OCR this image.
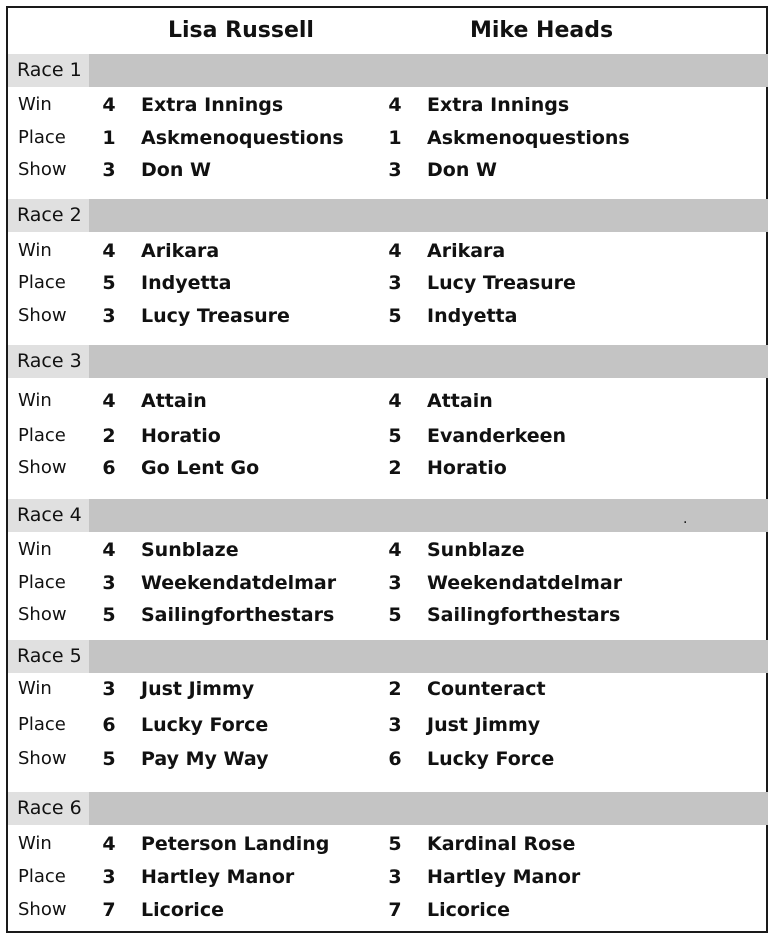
Lisa Russell	Mike Heads
Race 1
Win	4 Extra Innings	4 Extra Innings
Place 1 Askmenoquestions 1 Askmenoquestions
Show 3 Don W	3 Don W
Race 2
Win	4 Arikara	4 Arikara
Place 5 Indyetta	3 Lucy Treasure
Show 3 Lucy Treasure	5 Indyetta
Race 3
Win	4 Attain	4 Attain
Place 2 Horatio	5 Evanderkeen
Show 6 Go Lent Go	2 Horatio
Race 4	.
Win	4 Sunblaze	4 Sunblaze
Place 3 Weekendatdelmar	3 Weekendatdelmar
Show 5 Sailingforthestars	5 Sailingforthestars
Race 5
Win	3 Just Jimmy	2 Counteract
Place 6 Lucky Force	3 Just Jimmy
Show 5 Pay My Way	6 Lucky Force
Race 6
Win	4 Peterson Landing	5 Kardinal Rose
Place 3 Hartley Manor	3 Hartley Manor
Show 7 Licorice	7 Licorice
